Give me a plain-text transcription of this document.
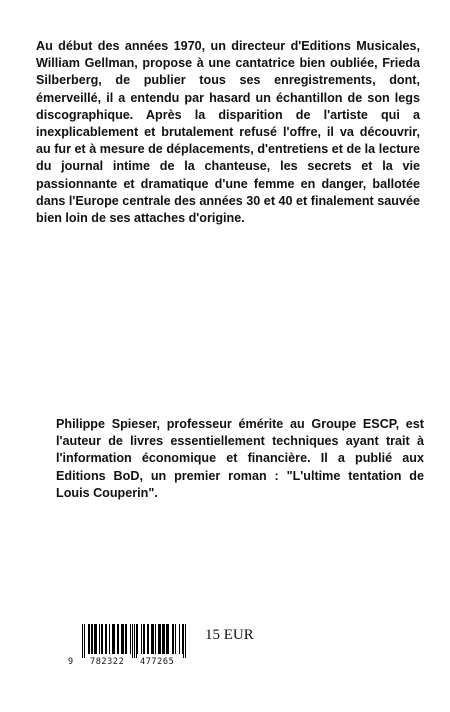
Au début des années 1970, un directeur d'Editions Musicales, William Gellman, propose à une cantatrice bien oubliée, Frieda Silberberg, de publier tous ses enregistrements, dont, émerveillé, il a entendu par hasard un échantillon de son legs discographique. Après la disparition de l'artiste qui a inexplicablement et brutalement refusé l'offre, il va découvrir, au fur et à mesure de déplacements, d'entretiens et de la lecture du journal intime de la chanteuse, les secrets et la vie passionnante et dramatique d'une femme en danger, ballotée dans l'Europe centrale des années 30 et 40 et finalement sauvée bien loin de ses attaches d'origine.

Philippe Spieser, professeur émérite au Groupe ESCP, est l'auteur de livres essentiellement techniques ayant trait à l'information économique et financière. Il a publié aux Editions BoD, un premier roman : "L'ultime tentation de Louis Couperin".

9 782322 477265
15 EUR
